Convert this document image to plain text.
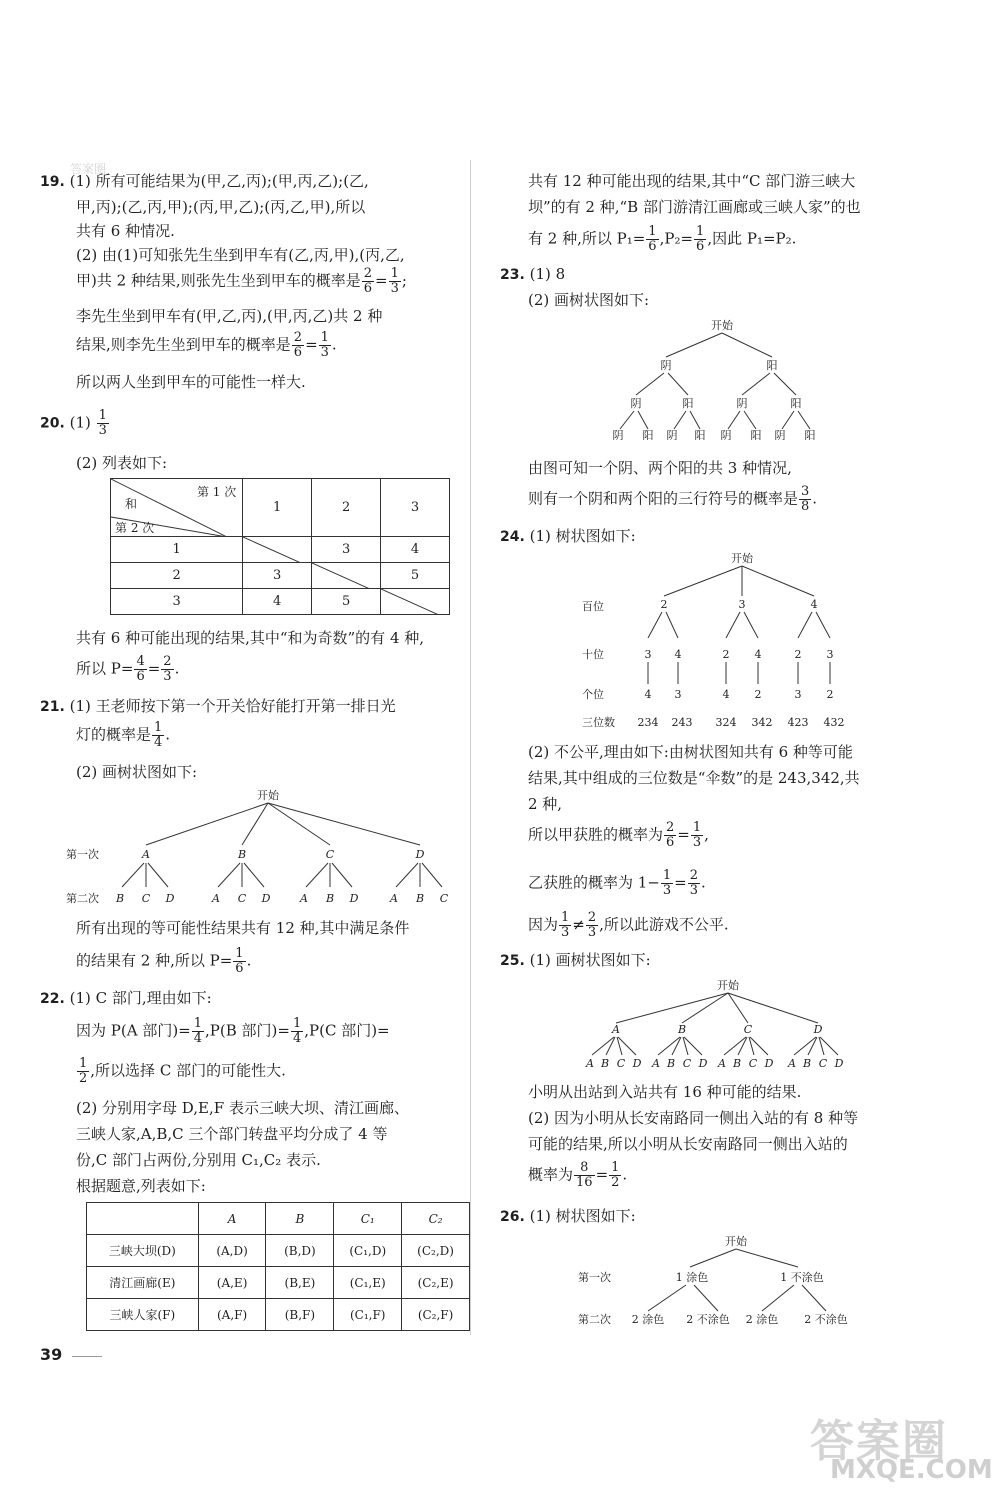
答案圈
19. (1) 所有可能结果为(甲,乙,丙);(甲,丙,乙);(乙,
甲,丙);(乙,丙,甲);(丙,甲,乙);(丙,乙,甲),所以
共有 6 种情况.
(2) 由(1)可知张先生坐到甲车有(乙,丙,甲),(丙,乙,
甲)共 2 种结果,则张先生坐到甲车的概率是 $\frac{2}{6} = \frac{1}{3}$ ;
李先生坐到甲车有(甲,乙,丙),(甲,丙,乙)共 2 种
结果,则李先生坐到甲车的概率是 $\frac{2}{6} = \frac{1}{3}$ .
所以两人坐到甲车的可能性一样大.
20. $(1) \frac{1}{3}$
(2) 列表如下:
第 1 次
和
第 2 次	1	2	3
1		3	4
2	3		5
3	4	5	
共有 6 种可能出现的结果,其中“和为奇数”的有 4 种,
所以 $P= \frac{4}{6} = \frac{2}{3}$ .
21. (1) 王老师按下第一个开关恰好能打开第一排日光
灯的概率是 $\frac{1}{4}$ .
(2) 画树状图如下:
开始
第一次
第二次
A	B	C	D
B C D	A C D	A B D	A B C
所有出现的等可能性结果共有 12 种,其中满足条件
的结果有 2 种,所以 $P= \frac{1}{6}$ .
22. (1) C 部门,理由如下:
因为 P(A 部门)= $\frac{1}{4} ,P(B$ 部门)= $\frac{1}{4} ,P(C$ 部门)=
$\frac{1}{2}$ ,所以选择 C 部门的可能性大.
(2) 分别用字母 D,E,F 表示三峡大坝、清江画廊、
三峡人家,A,B,C 三个部门转盘平均分成了 4 等
份,C 部门占两份,分别用 C₁,C₂ 表示.
根据题意,列表如下:
	A	B	C₁	C₂
三峡大坝(D)	(A,D)	(B,D)	(C₁,D)	(C₂,D)
清江画廊(E)	(A,E)	(B,E)	(C₁,E)	(C₂,E)
三峡人家(F)	(A,F)	(B,F)	(C₁,F)	(C₂,F)
共有 12 种可能出现的结果,其中“C 部门游三峡大
坝”的有 2 种,“B 部门游清江画廊或三峡人家”的也
有 2 种,所以 $P_1= \frac{1}{6} ,P_2= \frac{1}{6}$ ,因此 P₁=P₂.
23. (1) 8
(2) 画树状图如下:
开始
阴	阳
阴	阳	阴	阳
阴 阳 阴 阳 阴 阳 阴 阳
由图可知一个阴、两个阳的共 3 种情况,
则有一个阴和两个阳的三行符号的概率是 $\frac{3}{8}$ .
24. (1) 树状图如下:
开始
百位
十位
个位
三位数
2	3	4
3 4	2 4	2 3
4 3	4 2	3 2
234 243 324 342 423 432
(2) 不公平,理由如下:由树状图知共有 6 种等可能
结果,其中组成的三位数是“伞数”的是 243,342,共
2 种,
所以甲获胜的概率为 $\frac{2}{6} = \frac{1}{3}$ ,
乙获胜的概率为 $1- \frac{1}{3} = \frac{2}{3}$ .
因为 $\frac{1}{3} \ne \frac{2}{3}$ ,所以此游戏不公平.
25. (1) 画树状图如下:
开始
A	B	C	D
A B C D A B C D A B C D A B C D
小明从出站到入站共有 16 种可能的结果.
(2) 因为小明从长安南路同一侧出入站的有 8 种等
可能的结果,所以小明从长安南路同一侧出入站的
概率为 $\frac{8}{16} = \frac{1}{2}$ .
26. (1) 树状图如下:
开始
第一次
第二次
1 涂色	1 不涂色
2 涂色 2 不涂色 2 涂色 2 不涂色
39
答案圈
MXQE.COM
